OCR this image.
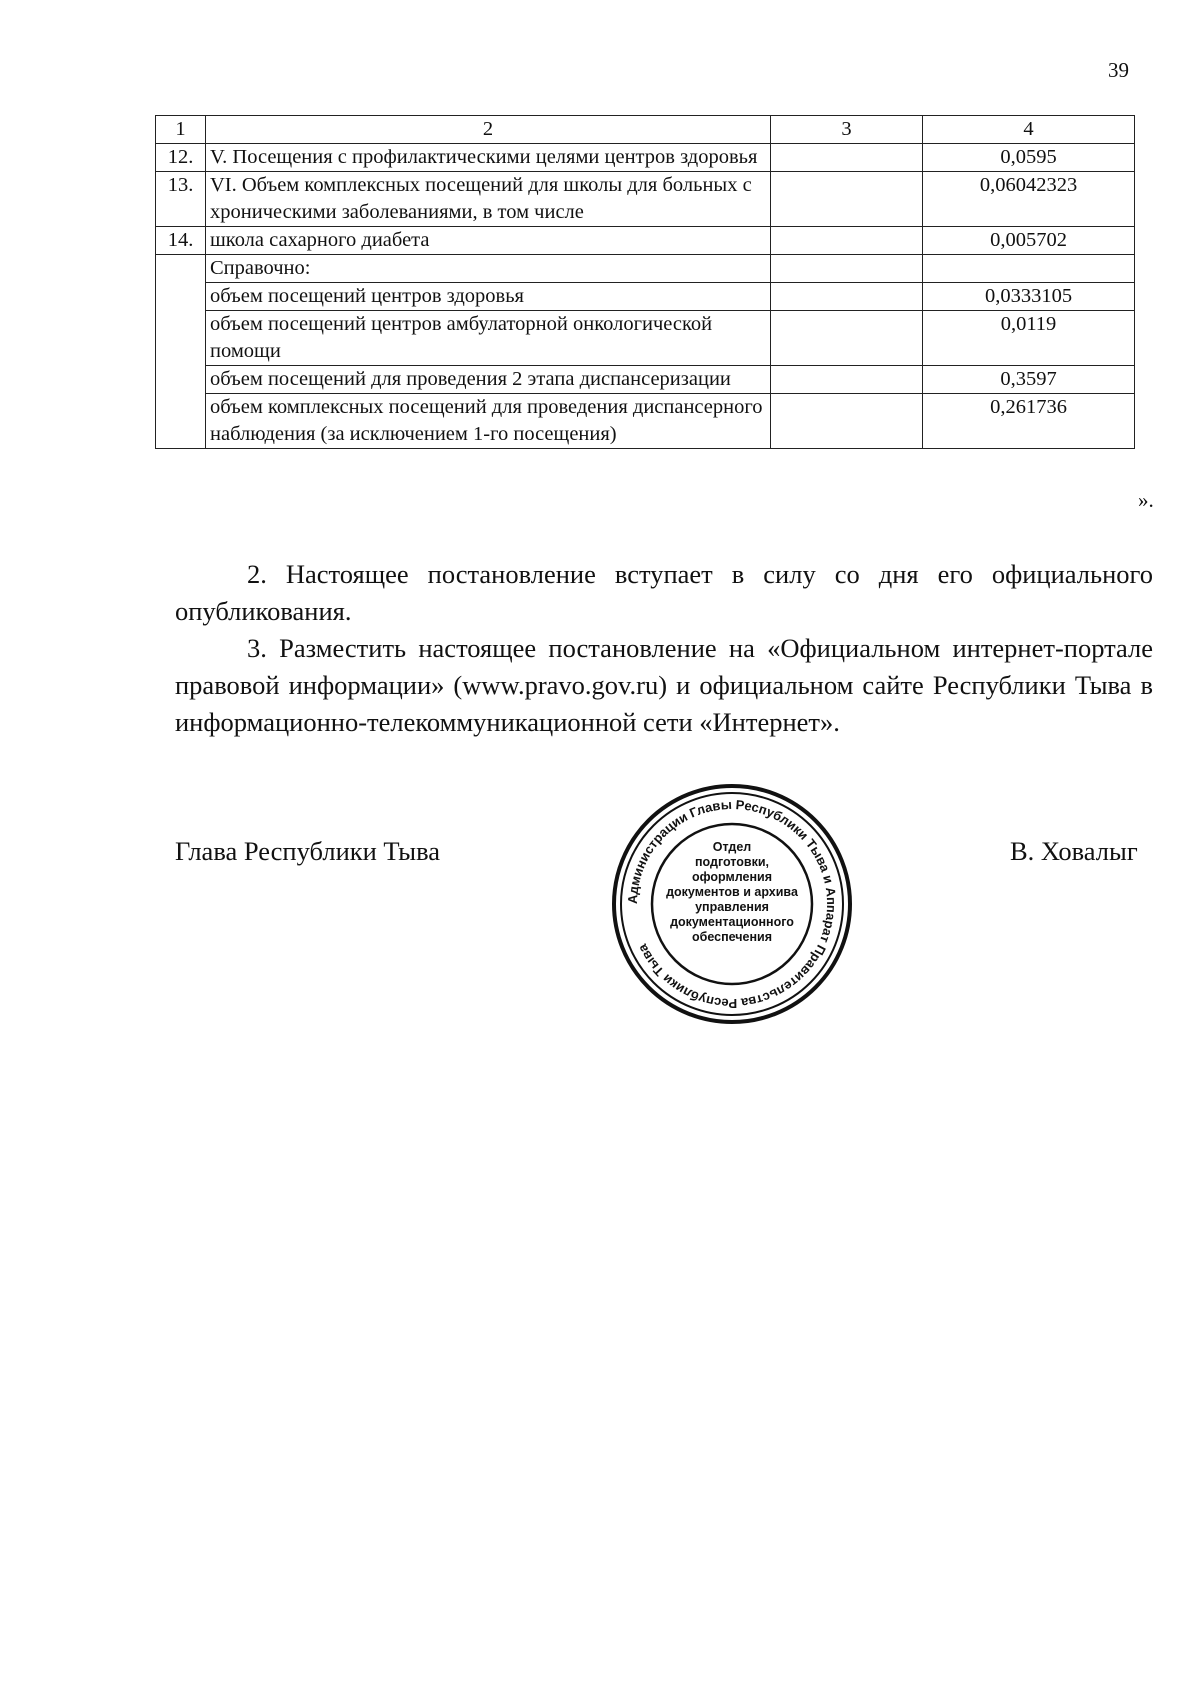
39
1	2	3	4
12.	V. Посещения с профилактическими целями центров здоровья		0,0595
13.	VI. Объем комплексных посещений для школы для больных с хроническими заболеваниями, в том числе		0,06042323
14.	школа сахарного диабета		0,005702
	Справочно:		
	объем посещений центров здоровья		0,0333105
	объем посещений центров амбулаторной онкологической помощи		0,0119
	объем посещений для проведения 2 этапа диспансеризации		0,3597
	объем комплексных посещений для проведения диспансерного наблюдения (за исключением 1-го посещения)		0,261736
».
2. Настоящее постановление вступает в силу со дня его официального опубликования.
3. Разместить настоящее постановление на «Официальном интернет-портале правовой информации» (www.pravo.gov.ru) и официальном сайте Республики Тыва в информационно-телекоммуникационной сети «Интернет».
Глава Республики Тыва	В. Ховалыг
Администрации Главы Республики Тыва и Аппарат Правительства Республики Тыва
Отдел
подготовки,
оформления
документов и архива
управления
документационного
обеспечения
